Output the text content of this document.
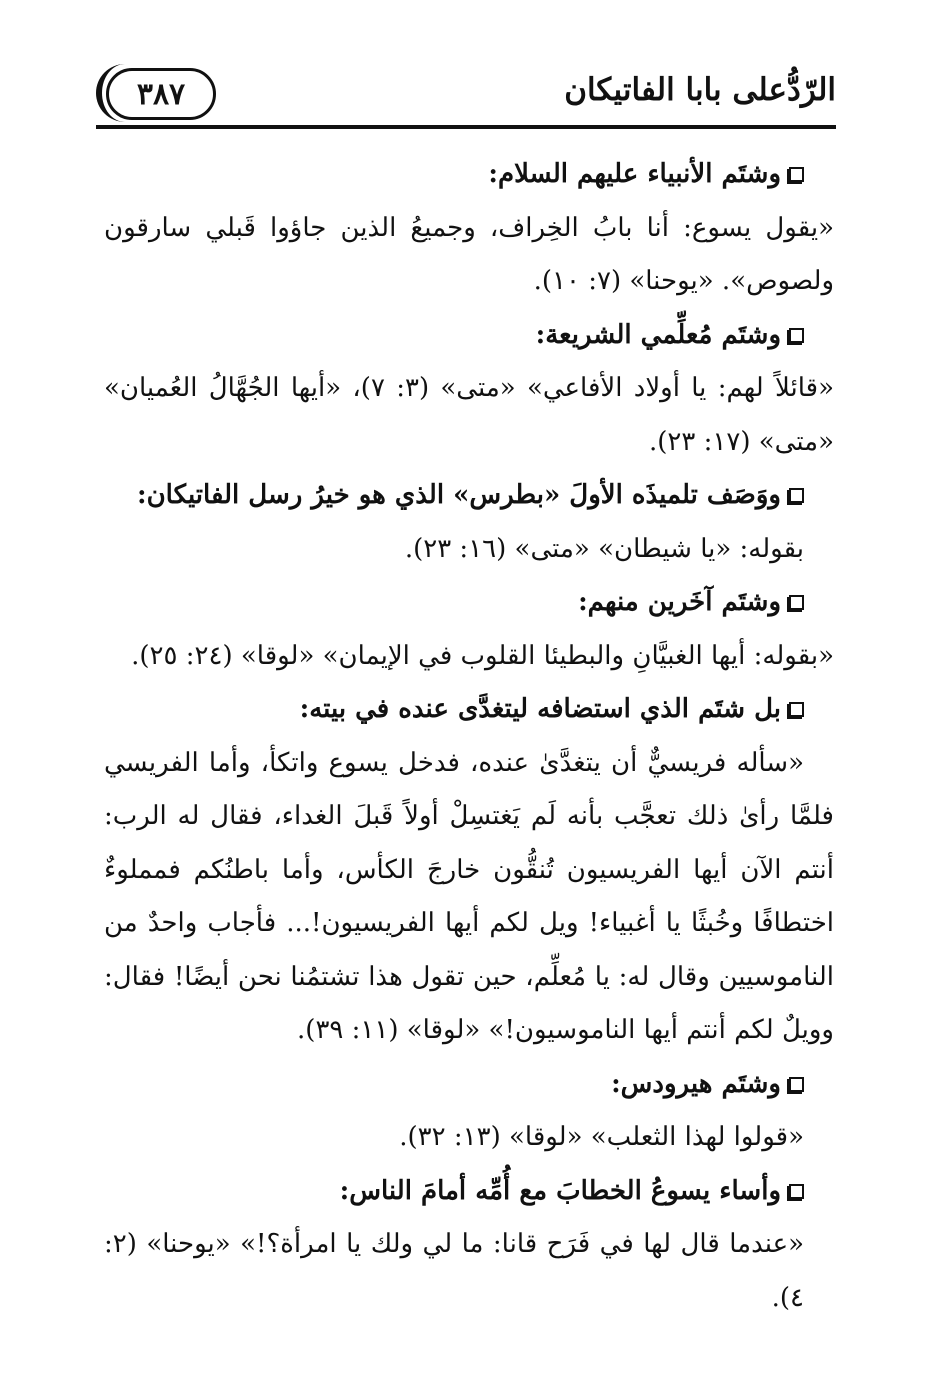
الرّدُّعلى بابا الفاتيكان
٣٨٧
وشتَم الأنبياء عليهم السلام:

«يقول يسوع: أنا بابُ الخِراف، وجميعُ الذين جاؤوا قَبلي سارقون ولصوص». «يوحنا» (٧: ١٠).

وشتَم مُعلِّمي الشريعة:

«قائلاً لهم: يا أولاد الأفاعي» «متى» (٣: ٧)، «أيها الجُهَّالُ العُميان» «متى» (١٧: ٢٣).

ووَصَف تلميذَه الأولَ «بطرس» الذي هو خيرُ رسل الفاتيكان:

بقوله: «يا شيطان» «متى» (١٦: ٢٣).

وشتَم آخَرين منهم:

«بقوله: أيها الغبيَّانِ والبطيئا القلوب في الإيمان» «لوقا» (٢٤: ٢٥).

بل شتَم الذي استضافه ليتغدَّى عنده في بيته:

«سأله فريسيٌّ أن يتغدَّىٰ عنده، فدخل يسوع واتكأ، وأما الفريسي فلمَّا رأىٰ ذلك تعجَّب بأنه لَم يَغتسِلْ أولاً قَبلَ الغداء، فقال له الرب: أنتم الآن أيها الفريسيون تُنقُّون خارجَ الكأس، وأما باطنُكم فمملوءٌ اختطافًا وخُبثًا يا أغبياء! ويل لكم أيها الفريسيون!... فأجاب واحدٌ من الناموسيين وقال له: يا مُعلِّم، حين تقول هذا تشتمُنا نحن أيضًا! فقال: وويلٌ لكم أنتم أيها الناموسيون!» «لوقا» (١١: ٣٩).

وشتَم هيرودس:

«قولوا لهذا الثعلب» «لوقا» (١٣: ٣٢).

وأساء يسوعُ الخطابَ مع أُمِّه أمامَ الناس:

«عندما قال لها في فَرَح قانا: ما لي ولك يا امرأة؟!» «يوحنا» (٢: ٤).
